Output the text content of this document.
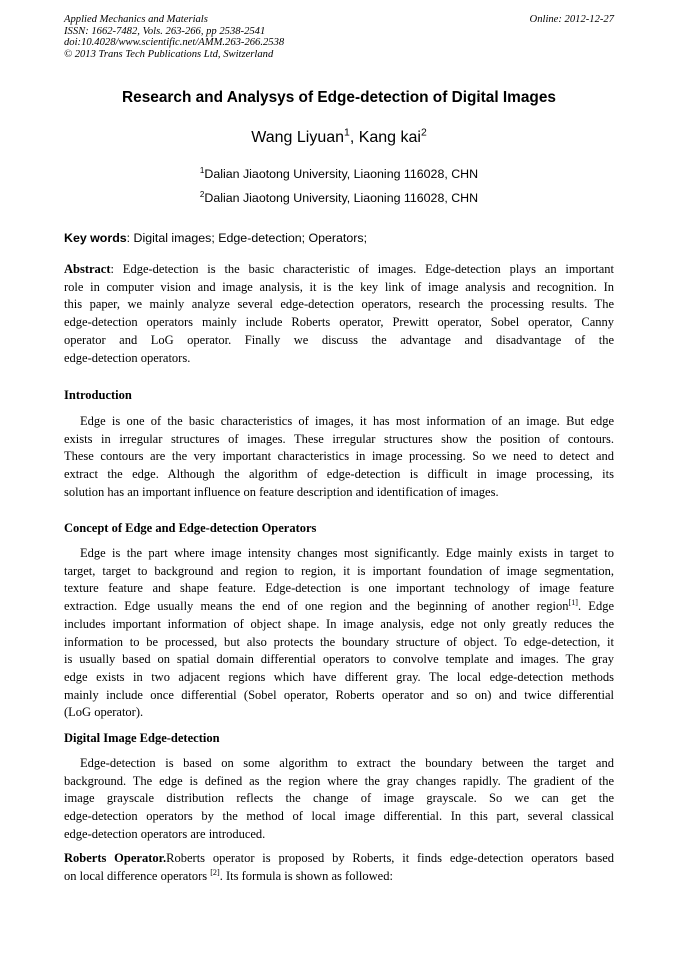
Applied Mechanics and Materials
ISSN: 1662-7482, Vols. 263-266, pp 2538-2541
doi:10.4028/www.scientific.net/AMM.263-266.2538
© 2013 Trans Tech Publications Ltd, Switzerland
Online: 2012-12-27
Research and Analysys of Edge-detection of Digital Images
Wang Liyuan$^1$, Kang kai$^2$
$^1$Dalian Jiaotong University, Liaoning 116028, CHN
$^2$Dalian Jiaotong University, Liaoning 116028, CHN
Key words: Digital images; Edge-detection; Operators;
Abstract: Edge-detection is the basic characteristic of images. Edge-detection plays an important
role in computer vision and image analysis, it is the key link of image analysis and recognition. In
this paper, we mainly analyze several edge-detection operators, research the processing results. The
edge-detection operators mainly include Roberts operator, Prewitt operator, Sobel operator, Canny
operator and LoG operator. Finally we discuss the advantage and disadvantage of the
edge-detection operators.
Introduction
Edge is one of the basic characteristics of images, it has most information of an image. But edge
exists in irregular structures of images. These irregular structures show the position of contours.
These contours are the very important characteristics in image processing. So we need to detect and
extract the edge. Although the algorithm of edge-detection is difficult in image processing, its
solution has an important influence on feature description and identification of images.
Concept of Edge and Edge-detection Operators
Edge is the part where image intensity changes most significantly. Edge mainly exists in target to
target, target to background and region to region, it is important foundation of image segmentation,
texture feature and shape feature. Edge-detection is one important technology of image feature
extraction. Edge usually means the end of one region and the beginning of another region[1]. Edge
includes important information of object shape. In image analysis, edge not only greatly reduces the
information to be processed, but also protects the boundary structure of object. To edge-detection, it
is usually based on spatial domain differential operators to convolve template and images. The gray
edge exists in two adjacent regions which have different gray. The local edge-detection methods
mainly include once differential (Sobel operator, Roberts operator and so on) and twice differential
(LoG operator).
Digital Image Edge-detection
Edge-detection is based on some algorithm to extract the boundary between the target and
background. The edge is defined as the region where the gray changes rapidly. The gradient of the
image grayscale distribution reflects the change of image grayscale. So we can get the
edge-detection operators by the method of local image differential. In this part, several classical
edge-detection operators are introduced.
Roberts Operator.Roberts operator is proposed by Roberts, it finds edge-detection operators based
on local difference operators [2]. Its formula is shown as followed:
